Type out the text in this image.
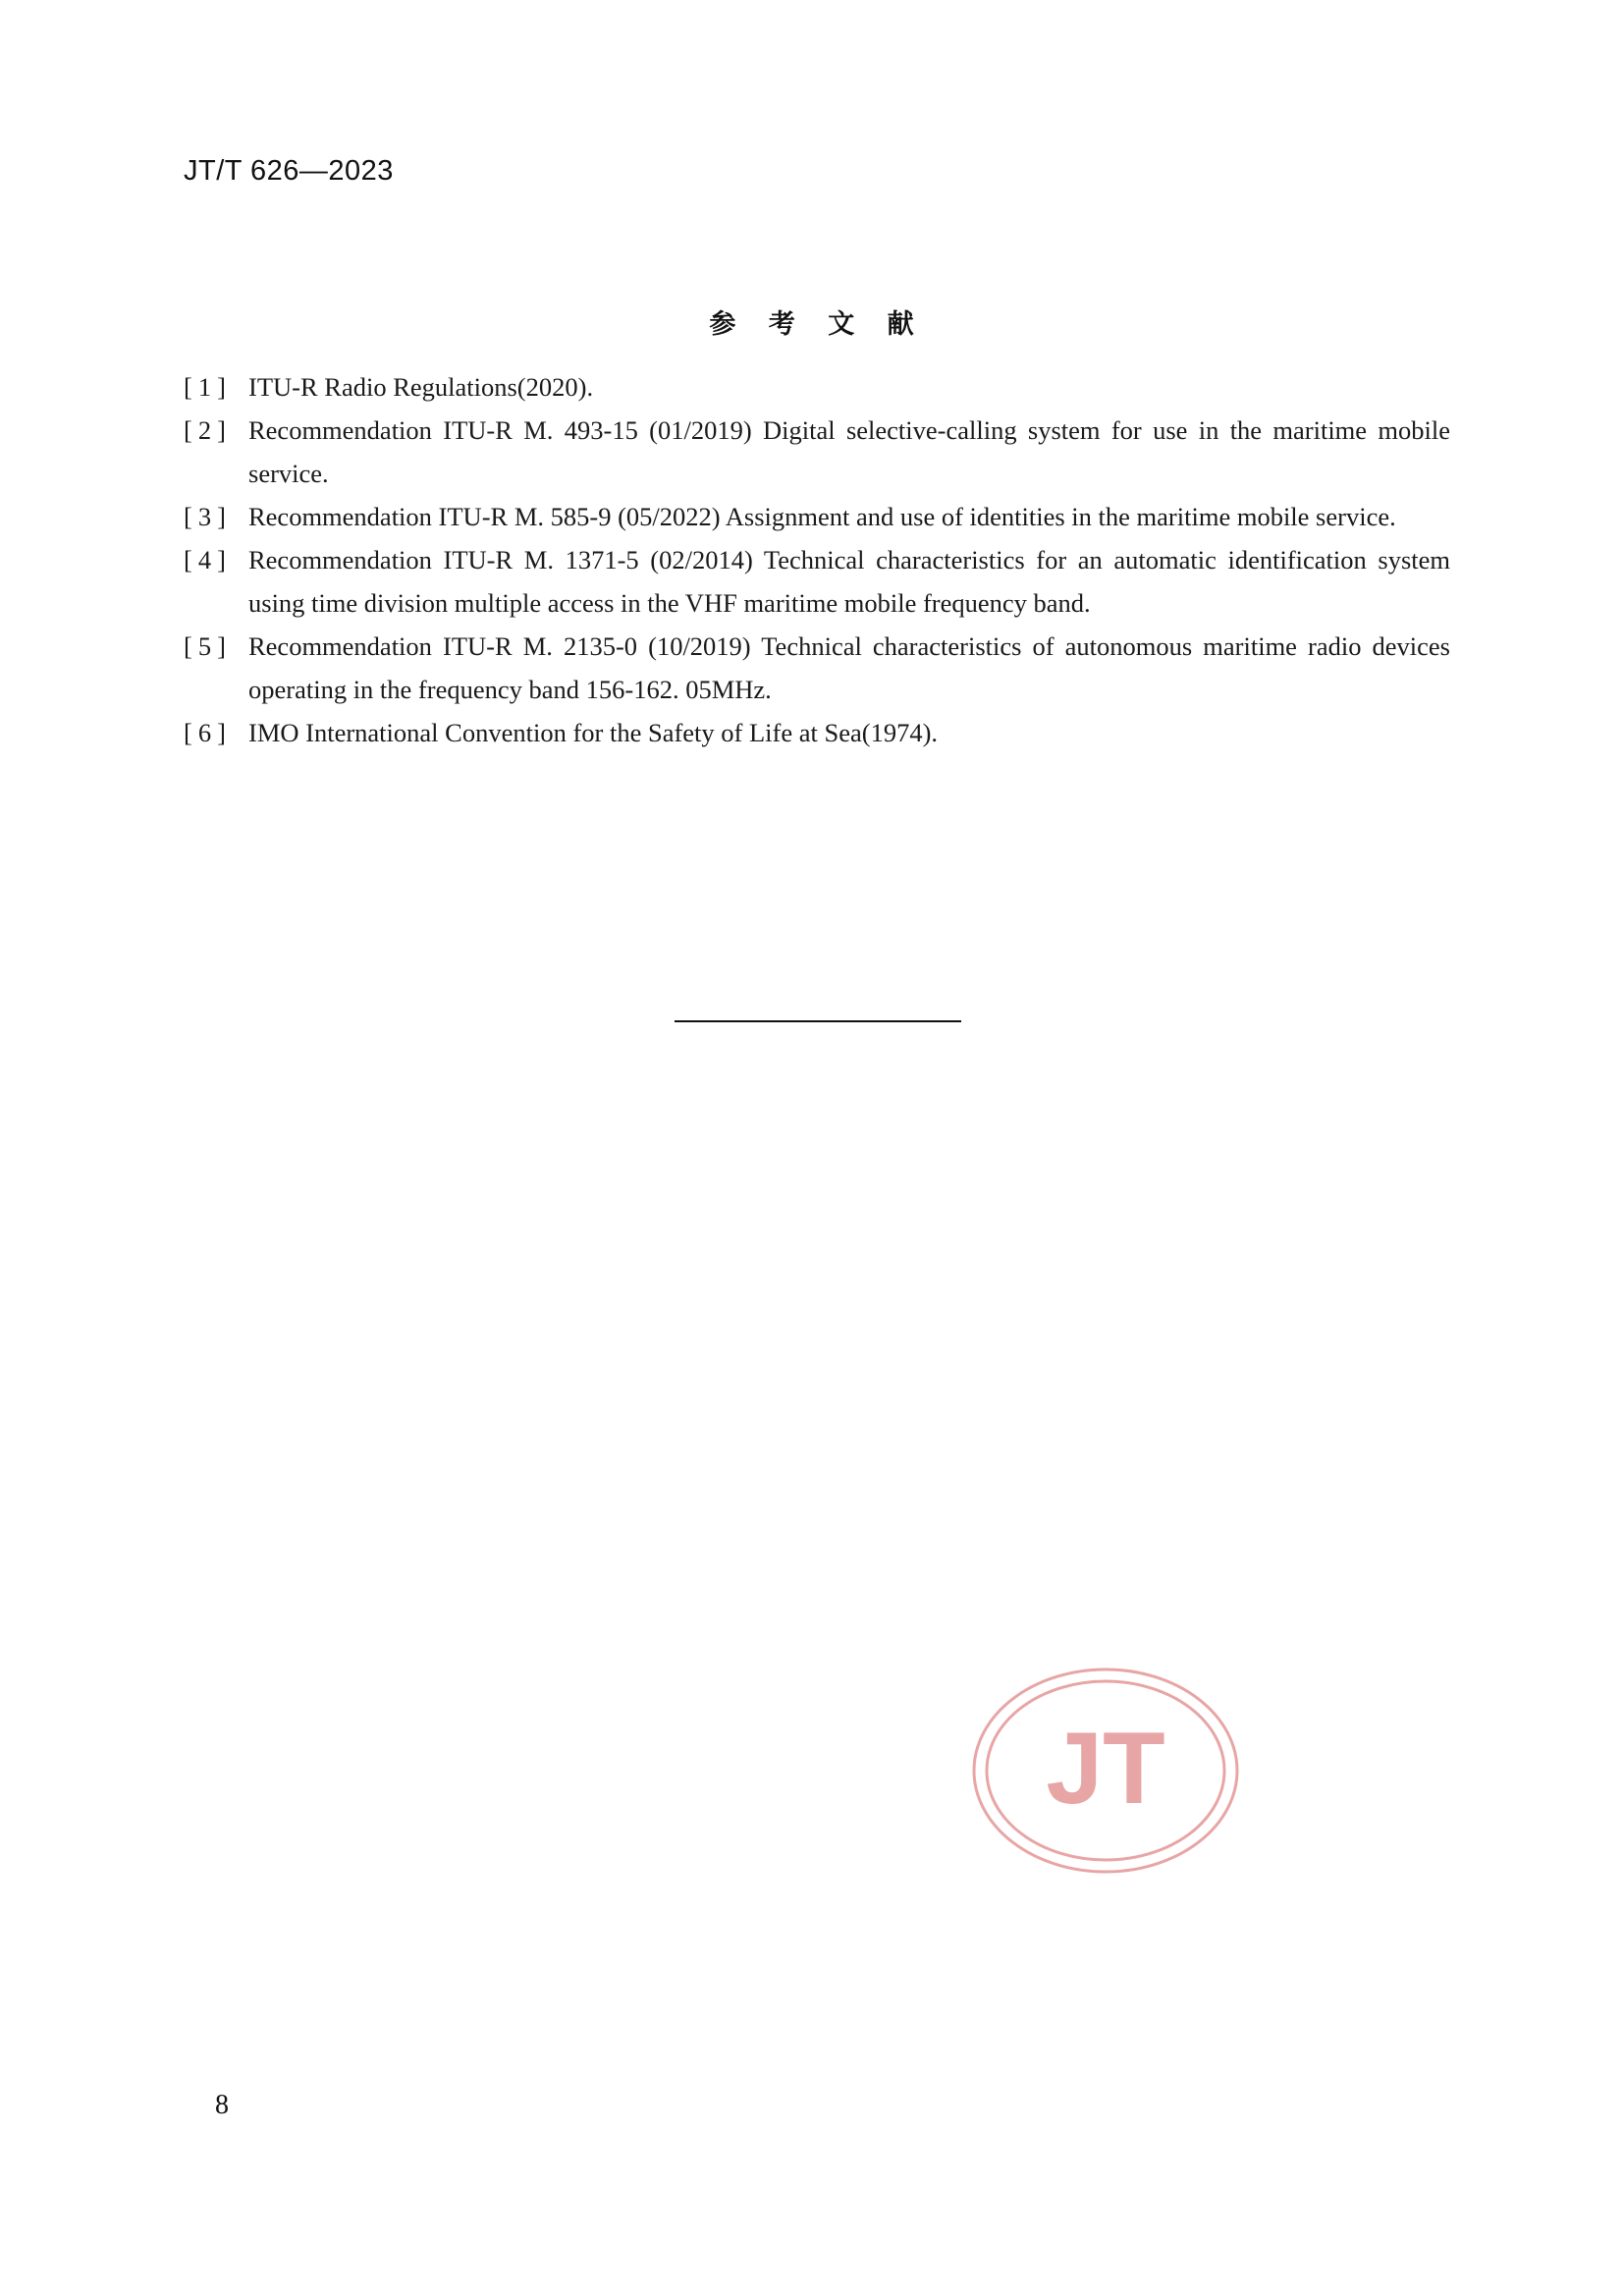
JT/T 626—2023
参 考 文 献
[1] ITU-R Radio Regulations(2020).
[2] Recommendation ITU-R M. 493-15 (01/2019) Digital selective-calling system for use in the maritime mobile service.
[3] Recommendation ITU-R M. 585-9 (05/2022) Assignment and use of identities in the maritime mobile service.
[4] Recommendation ITU-R M. 1371-5 (02/2014) Technical characteristics for an automatic identification system using time division multiple access in the VHF maritime mobile frequency band.
[5] Recommendation ITU-R M. 2135-0 (10/2019) Technical characteristics of autonomous maritime radio devices operating in the frequency band 156-162. 05MHz.
[6] IMO International Convention for the Safety of Life at Sea(1974).
JT
8
